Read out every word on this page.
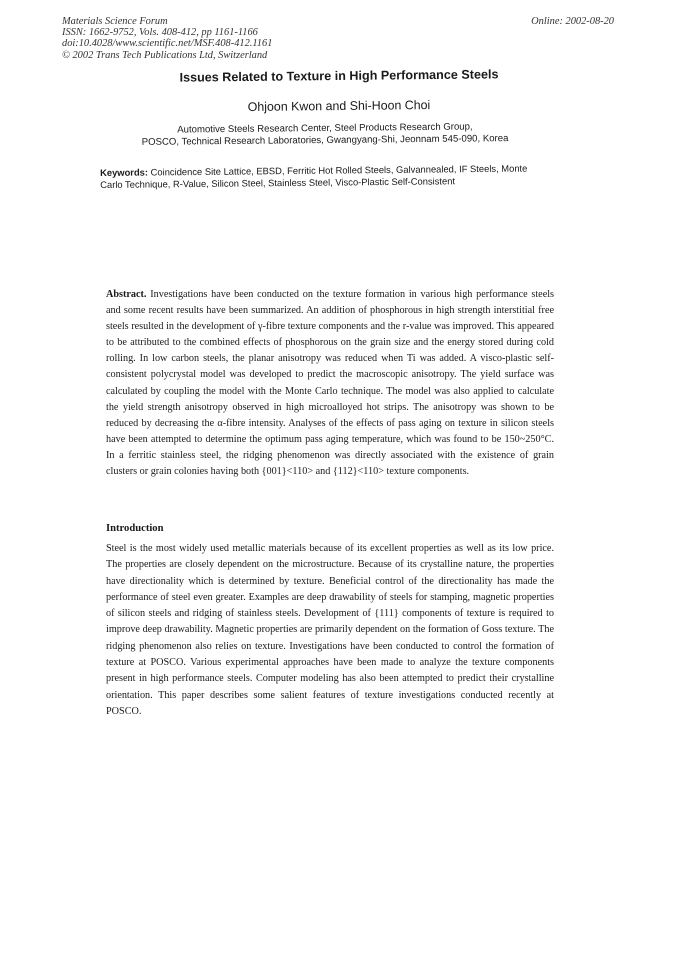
Materials Science Forum
ISSN: 1662-9752, Vols. 408-412, pp 1161-1166
doi:10.4028/www.scientific.net/MSF.408-412.1161
© 2002 Trans Tech Publications Ltd, Switzerland
Online: 2002-08-20
Issues Related to Texture in High Performance Steels
Ohjoon Kwon and Shi-Hoon Choi
Automotive Steels Research Center, Steel Products Research Group,
POSCO, Technical Research Laboratories, Gwangyang-Shi, Jeonnam 545-090, Korea
Keywords: Coincidence Site Lattice, EBSD, Ferritic Hot Rolled Steels, Galvannealed, IF Steels, Monte Carlo Technique, R-Value, Silicon Steel, Stainless Steel, Visco-Plastic Self-Consistent
Abstract. Investigations have been conducted on the texture formation in various high performance steels and some recent results have been summarized. An addition of phosphorous in high strength interstitial free steels resulted in the development of γ-fibre texture components and the r-value was improved. This appeared to be attributed to the combined effects of phosphorous on the grain size and the energy stored during cold rolling. In low carbon steels, the planar anisotropy was reduced when Ti was added. A visco-plastic self-consistent polycrystal model was developed to predict the macroscopic anisotropy. The yield surface was calculated by coupling the model with the Monte Carlo technique. The model was also applied to calculate the yield strength anisotropy observed in high microalloyed hot strips. The anisotropy was shown to be reduced by decreasing the α-fibre intensity. Analyses of the effects of pass aging on texture in silicon steels have been attempted to determine the optimum pass aging temperature, which was found to be 150~250°C. In a ferritic stainless steel, the ridging phenomenon was directly associated with the existence of grain clusters or grain colonies having both {001}<110> and {112}<110> texture components.
Introduction
Steel is the most widely used metallic materials because of its excellent properties as well as its low price. The properties are closely dependent on the microstructure. Because of its crystalline nature, the properties have directionality which is determined by texture. Beneficial control of the directionality has made the performance of steel even greater. Examples are deep drawability of steels for stamping, magnetic properties of silicon steels and ridging of stainless steels. Development of {111} components of texture is required to improve deep drawability. Magnetic properties are primarily dependent on the formation of Goss texture. The ridging phenomenon also relies on texture. Investigations have been conducted to control the formation of texture at POSCO. Various experimental approaches have been made to analyze the texture components present in high performance steels. Computer modeling has also been attempted to predict their crystalline orientation. This paper describes some salient features of texture investigations conducted recently at POSCO.
